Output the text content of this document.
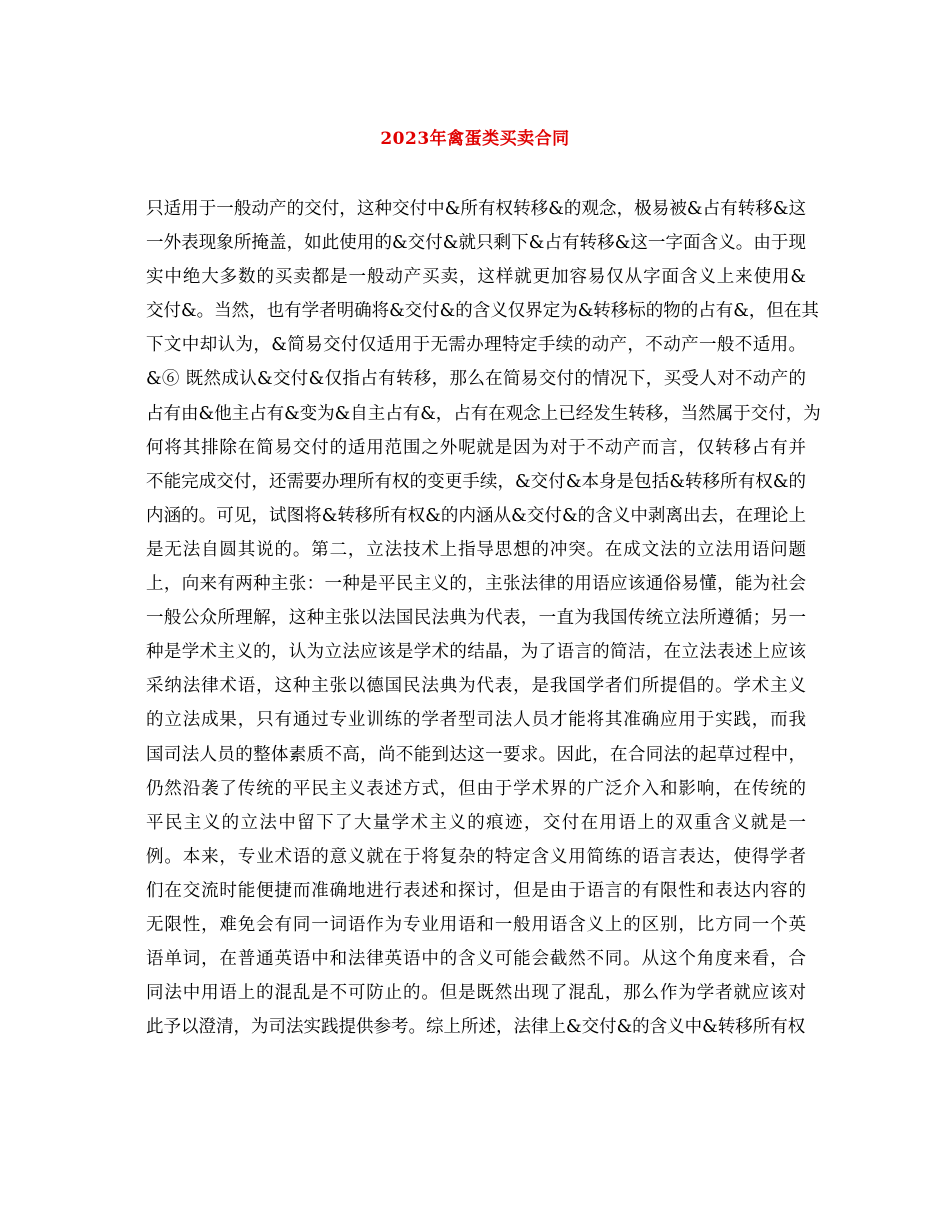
2023年禽蛋类买卖合同
只适用于一般动产的交付，这种交付中&所有权转移&的观念，极易被&占有转移&这
一外表现象所掩盖，如此使用的&交付&就只剩下&占有转移&这一字面含义。由于现
实中绝大多数的买卖都是一般动产买卖，这样就更加容易仅从字面含义上来使用&
交付&。当然，也有学者明确将&交付&的含义仅界定为&转移标的物的占有&，但在其
下文中却认为，&简易交付仅适用于无需办理特定手续的动产，不动产一般不适用。
&⑥ 既然成认&交付&仅指占有转移，那么在简易交付的情况下，买受人对不动产的
占有由&他主占有&变为&自主占有&，占有在观念上已经发生转移，当然属于交付，为
何将其排除在简易交付的适用范围之外呢就是因为对于不动产而言，仅转移占有并
不能完成交付，还需要办理所有权的变更手续，&交付&本身是包括&转移所有权&的
内涵的。可见，试图将&转移所有权&的内涵从&交付&的含义中剥离出去，在理论上
是无法自圆其说的。第二，立法技术上指导思想的冲突。在成文法的立法用语问题
上，向来有两种主张：一种是平民主义的，主张法律的用语应该通俗易懂，能为社会
一般公众所理解，这种主张以法国民法典为代表，一直为我国传统立法所遵循；另一
种是学术主义的，认为立法应该是学术的结晶，为了语言的简洁，在立法表述上应该
采纳法律术语，这种主张以德国民法典为代表，是我国学者们所提倡的。学术主义
的立法成果，只有通过专业训练的学者型司法人员才能将其准确应用于实践，而我
国司法人员的整体素质不高，尚不能到达这一要求。因此，在合同法的起草过程中，
仍然沿袭了传统的平民主义表述方式，但由于学术界的广泛介入和影响，在传统的
平民主义的立法中留下了大量学术主义的痕迹，交付在用语上的双重含义就是一
例。本来，专业术语的意义就在于将复杂的特定含义用简练的语言表达，使得学者
们在交流时能便捷而准确地进行表述和探讨，但是由于语言的有限性和表达内容的
无限性，难免会有同一词语作为专业用语和一般用语含义上的区别，比方同一个英
语单词，在普通英语中和法律英语中的含义可能会截然不同。从这个角度来看，合
同法中用语上的混乱是不可防止的。但是既然出现了混乱，那么作为学者就应该对
此予以澄清，为司法实践提供参考。综上所述，法律上&交付&的含义中&转移所有权
